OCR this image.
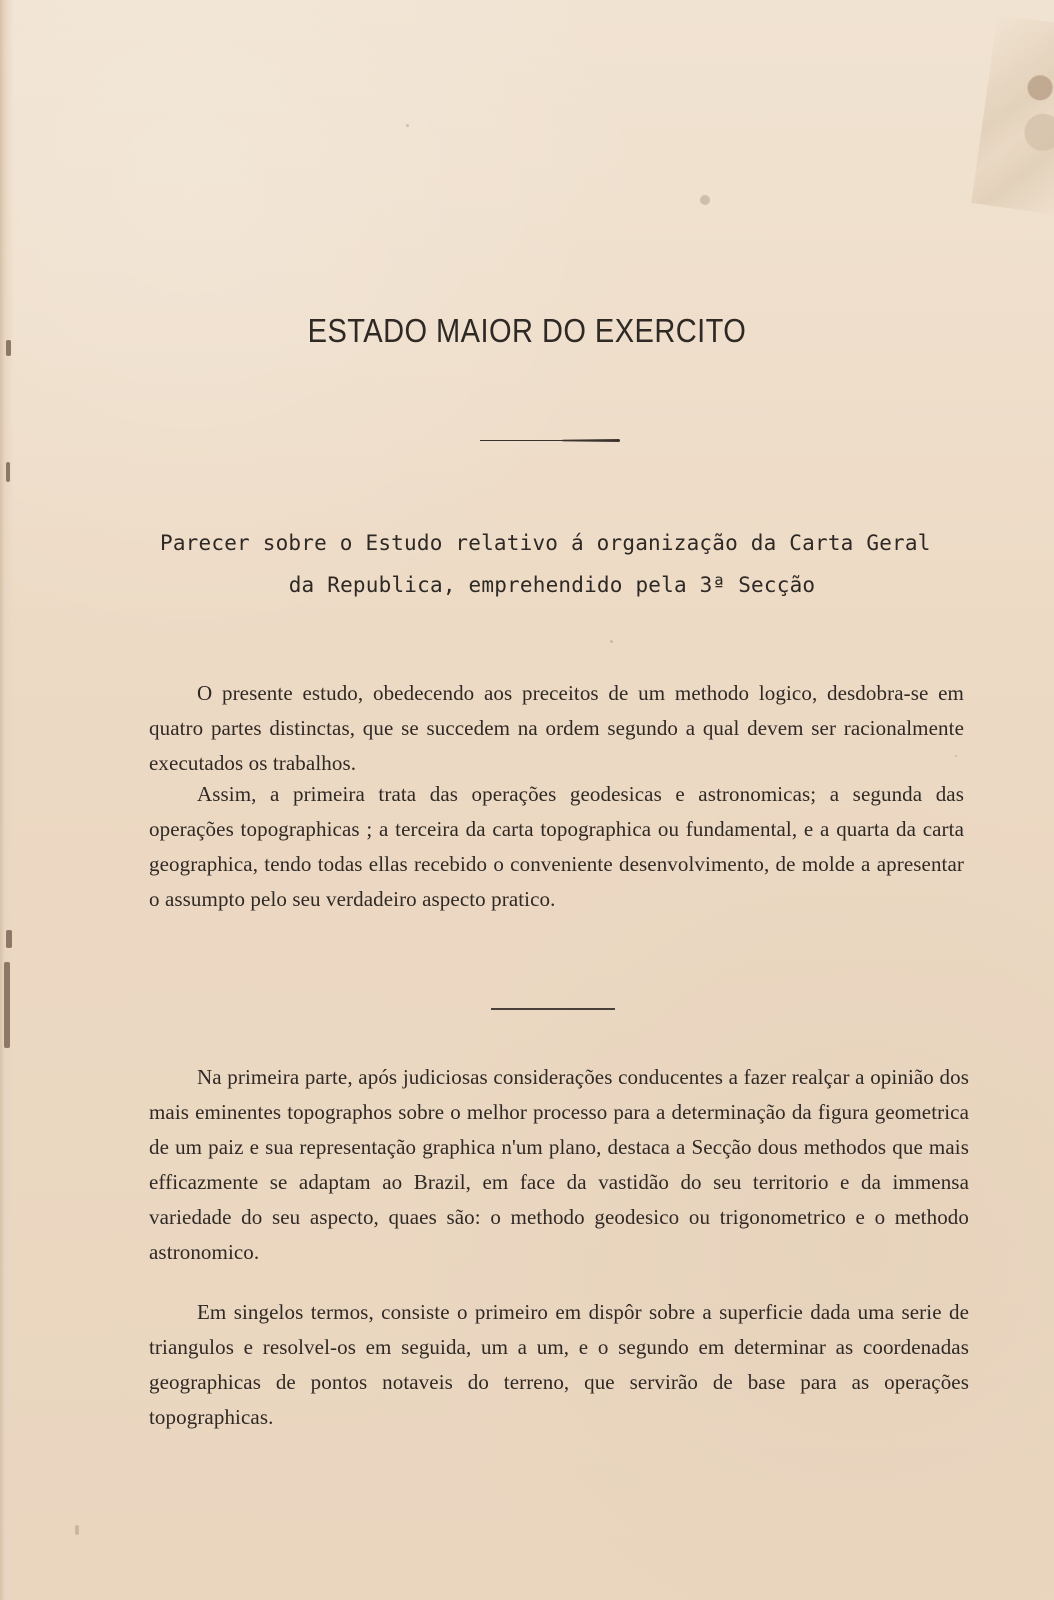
ESTADO MAIOR DO EXERCITO
Parecer sobre o Estudo relativo á organização da Carta Geral
da Republica, emprehendido pela 3ª Secção
O presente estudo, obedecendo aos preceitos de um methodo logico, desdobra-se em quatro partes distinctas, que se succedem na ordem segundo a qual devem ser racionalmente executados os trabalhos.
Assim, a primeira trata das operações geodesicas e astronomicas; a segunda das operações topographicas ; a terceira da carta topographica ou fundamental, e a quarta da carta geographica, tendo todas ellas recebido o conveniente desenvolvimento, de molde a apresentar o assumpto pelo seu verdadeiro aspecto pratico.
Na primeira parte, após judiciosas considerações conducentes a fazer realçar a opinião dos mais eminentes topographos sobre o melhor processo para a determinação da figura geometrica de um paiz e sua representação graphica n'um plano, destaca a Secção dous methodos que mais efficazmente se adaptam ao Brazil, em face da vastidão do seu territorio e da immensa variedade do seu aspecto, quaes são: o methodo geodesico ou trigonometrico e o methodo astronomico.
Em singelos termos, consiste o primeiro em dispôr sobre a superficie dada uma serie de triangulos e resolvel-os em seguida, um a um, e o segundo em determinar as coordenadas geographicas de pontos notaveis do terreno, que servirão de base para as operações topographicas.
